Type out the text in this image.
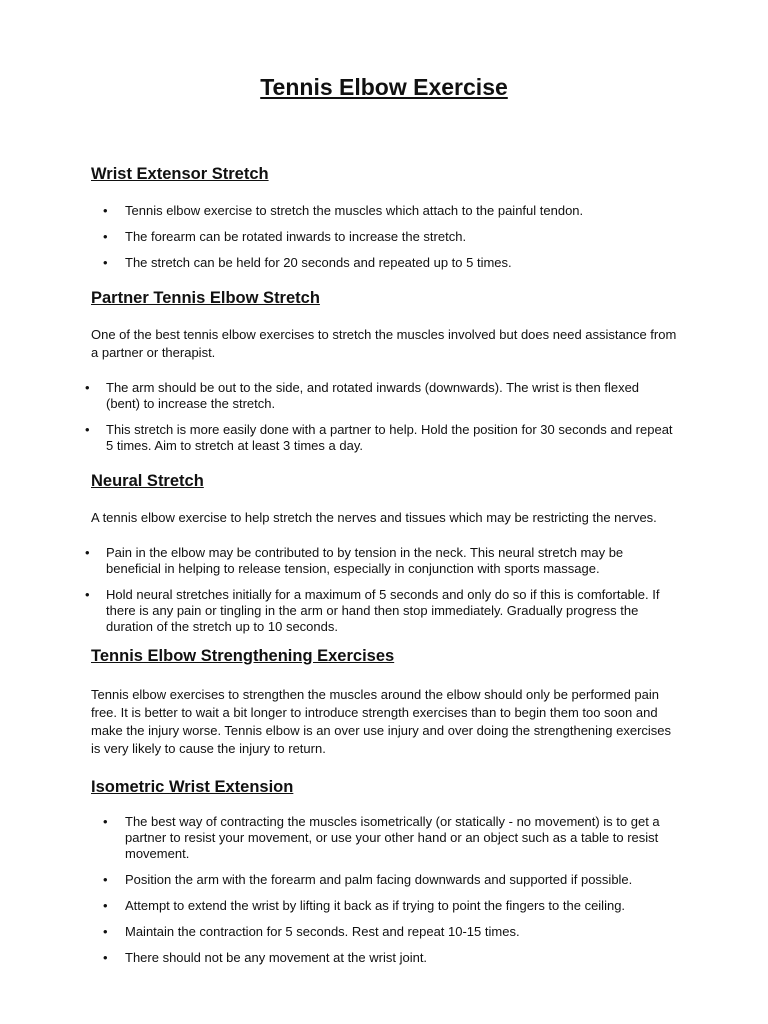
Tennis Elbow Exercise
Wrist Extensor Stretch
• Tennis elbow exercise to stretch the muscles which attach to the painful tendon.
• The forearm can be rotated inwards to increase the stretch.
• The stretch can be held for 20 seconds and repeated up to 5 times.
Partner Tennis Elbow Stretch

One of the best tennis elbow exercises to stretch the muscles involved but does need assistance from a partner or therapist.

• The arm should be out to the side, and rotated inwards (downwards). The wrist is then flexed (bent) to increase the stretch.
• This stretch is more easily done with a partner to help. Hold the position for 30 seconds and repeat 5 times. Aim to stretch at least 3 times a day.
Neural Stretch

A tennis elbow exercise to help stretch the nerves and tissues which may be restricting the nerves.

• Pain in the elbow may be contributed to by tension in the neck. This neural stretch may be beneficial in helping to release tension, especially in conjunction with sports massage.
• Hold neural stretches initially for a maximum of 5 seconds and only do so if this is comfortable. If there is any pain or tingling in the arm or hand then stop immediately. Gradually progress the duration of the stretch up to 10 seconds.
Tennis Elbow Strengthening Exercises

Tennis elbow exercises to strengthen the muscles around the elbow should only be performed pain free. It is better to wait a bit longer to introduce strength exercises than to begin them too soon and make the injury worse. Tennis elbow is an over use injury and over doing the strengthening exercises is very likely to cause the injury to return.

Isometric Wrist Extension
• The best way of contracting the muscles isometrically (or statically - no movement) is to get a partner to resist your movement, or use your other hand or an object such as a table to resist movement.
• Position the arm with the forearm and palm facing downwards and supported if possible.
• Attempt to extend the wrist by lifting it back as if trying to point the fingers to the ceiling.
• Maintain the contraction for 5 seconds. Rest and repeat 10-15 times.
• There should not be any movement at the wrist joint.
